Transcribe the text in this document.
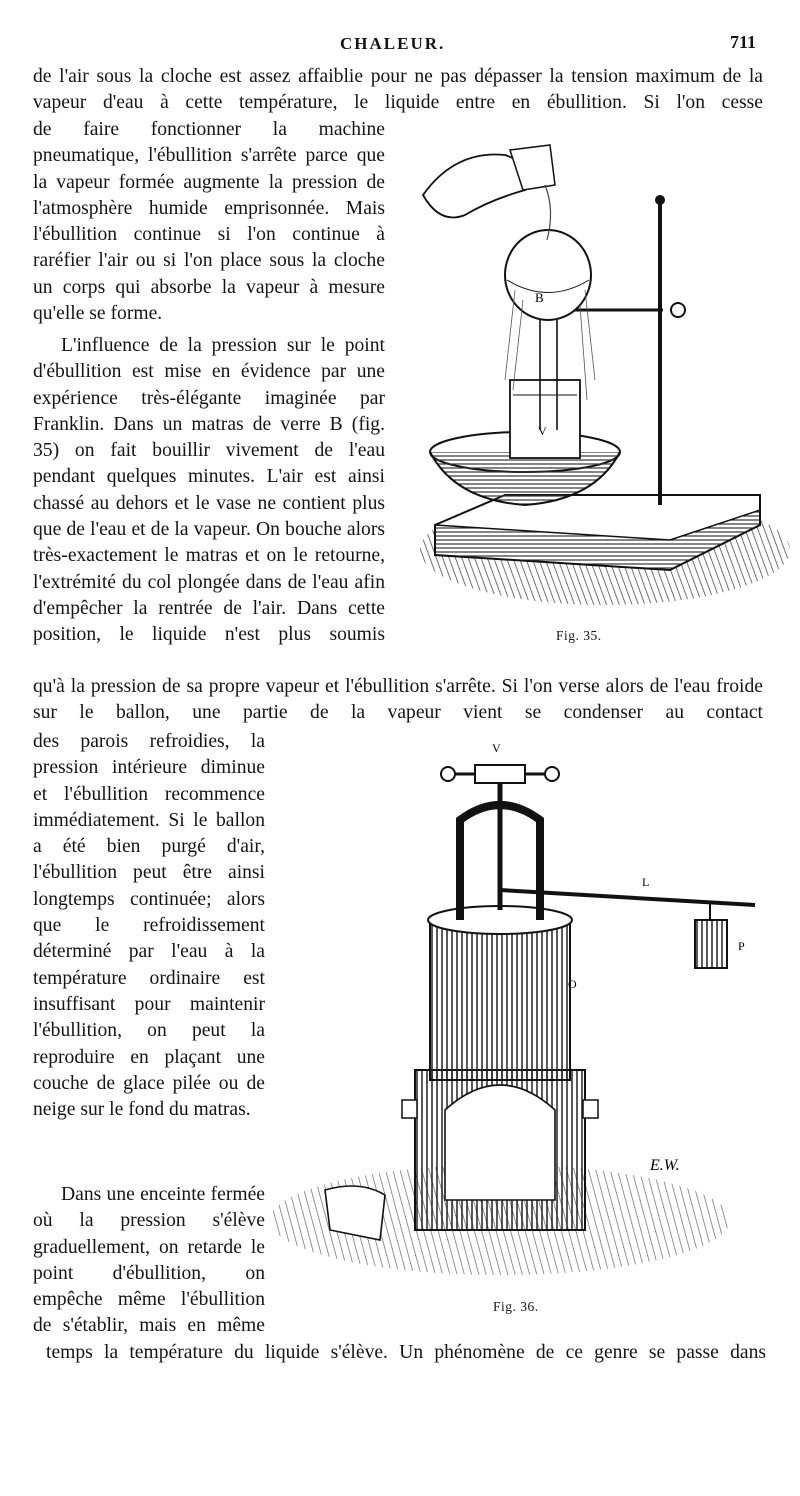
CHALEUR.	711

de l'air sous la cloche est assez affaiblie pour ne pas dépasser la tension maximum de la vapeur d'eau à cette température, le liquide entre en ébullition. Si l'on cesse

de faire fonctionner la machine pneumatique, l'ébullition s'arrête parce que la vapeur formée augmente la pression de l'atmosphère humide emprisonnée. Mais l'ébullition continue si l'on continue à raréfier l'air ou si l'on place sous la cloche un corps qui absorbe la vapeur à mesure qu'elle se forme.

L'influence de la pression sur le point d'ébullition est mise en évidence par une expérience très-élégante imaginée par Franklin. Dans un matras de verre B (fig. 35) on fait bouillir vivement de l'eau pendant quelques minutes. L'air est ainsi chassé au dehors et le vase ne contient plus que de l'eau et de la vapeur. On bouche alors très-exactement le matras et on le retourne, l'extrémité du col plongée dans de l'eau afin d'empêcher la rentrée de l'air. Dans cette position, le liquide n'est plus soumis

qu'à la pression de sa propre vapeur et l'ébullition s'arrête. Si l'on verse alors de l'eau froide sur le ballon, une partie de la vapeur vient se condenser au contact

des parois refroidies, la pression intérieure diminue et l'ébullition recommence immédiatement. Si le ballon a été bien purgé d'air, l'ébullition peut être ainsi longtemps continuée; alors que le refroidissement déterminé par l'eau à la température ordinaire est insuffisant pour maintenir l'ébullition, on peut la reproduire en plaçant une couche de glace pilée ou de neige sur le fond du matras.

Dans une enceinte fermée où la pression s'élève graduellement, on retarde le point d'ébullition, on empêche même l'ébullition de s'établir, mais en même

temps la température du liquide s'élève. Un phénomène de ce genre se passe dans

B
V
Fig. 35.
V
L
P
O
E.W.
Fig. 36.
